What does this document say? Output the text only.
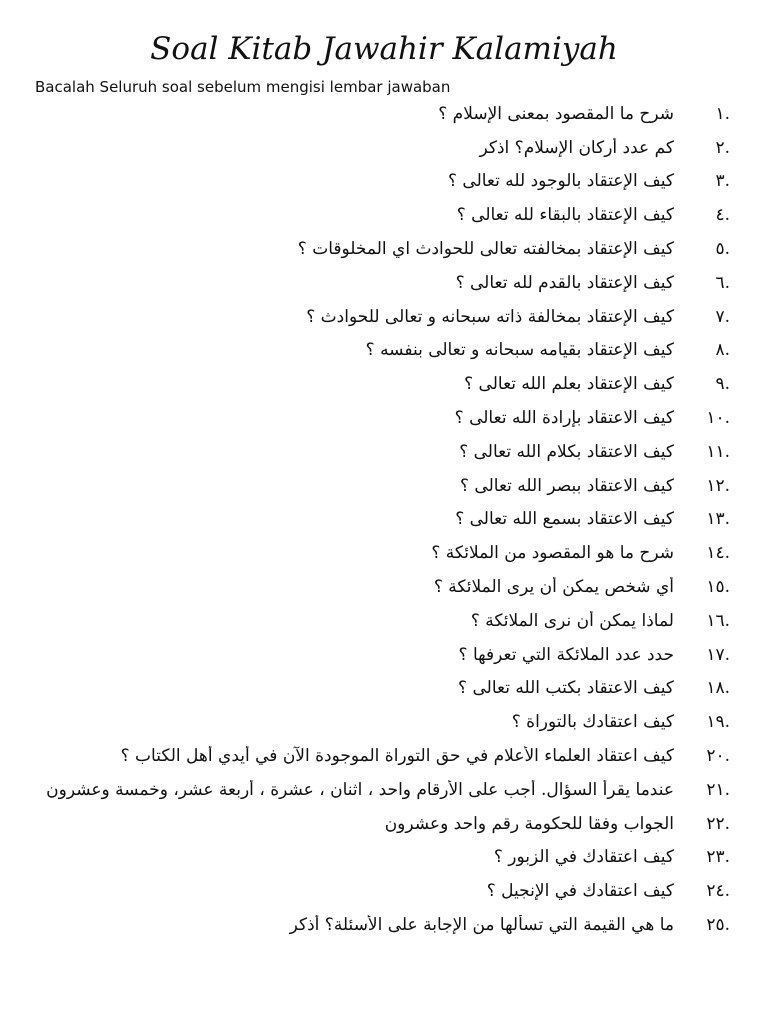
Soal Kitab Jawahir Kalamiyah

Bacalah Seluruh soal sebelum mengisi lembar jawaban

.١
شرح ما المقصود بمعنى الإسلام ؟
.٢
كم عدد أركان الإسلام؟ اذكر
.٣
كيف الإعتقاد بالوجود لله تعالى ؟
.٤
كيف الإعتقاد بالبقاء لله تعالى ؟
.٥
كيف الإعتقاد بمخالفته تعالى للحوادث اي المخلوقات ؟
.٦
كيف الإعتقاد بالقدم لله تعالى ؟
.٧
كيف الإعتقاد بمخالفة ذاته سبحانه و تعالى للحوادث ؟
.٨
كيف الإعتقاد بقيامه سبحانه و تعالى بنفسه ؟
.٩
كيف الإعتقاد بعلم الله تعالى ؟
.١٠
كيف الاعتقاد بإرادة الله تعالى ؟
.١١
كيف الاعتقاد بكلام الله تعالى ؟
.١٢
كيف الاعتقاد ببصر الله تعالى ؟
.١٣
كيف الاعتقاد بسمع الله تعالى ؟
.١٤
شرح ما هو المقصود من الملائكة ؟
.١٥
أي شخص يمكن أن يرى الملائكة ؟
.١٦
لماذا يمكن أن نرى الملائكة ؟
.١٧
حدد عدد الملائكة التي تعرفها ؟
.١٨
كيف الاعتقاد بكتب الله تعالى ؟
.١٩
كيف اعتقادك بالتوراة ؟
.٢٠
كيف اعتقاد العلماء الأعلام في حق التوراة الموجودة الآن في أيدي أهل الكتاب ؟
.٢١
عندما يقرأ السؤال. أجب على الأرقام واحد ، اثنان ، عشرة ، أربعة عشر، وخمسة وعشرون
.٢٢
الجواب وفقا للحكومة رقم واحد وعشرون
.٢٣
كيف اعتقادك في الزبور ؟
.٢٤
كيف اعتقادك في الإنجيل ؟
.٢٥
ما هي القيمة التي تسألها من الإجابة على الأسئلة؟ أذكر
